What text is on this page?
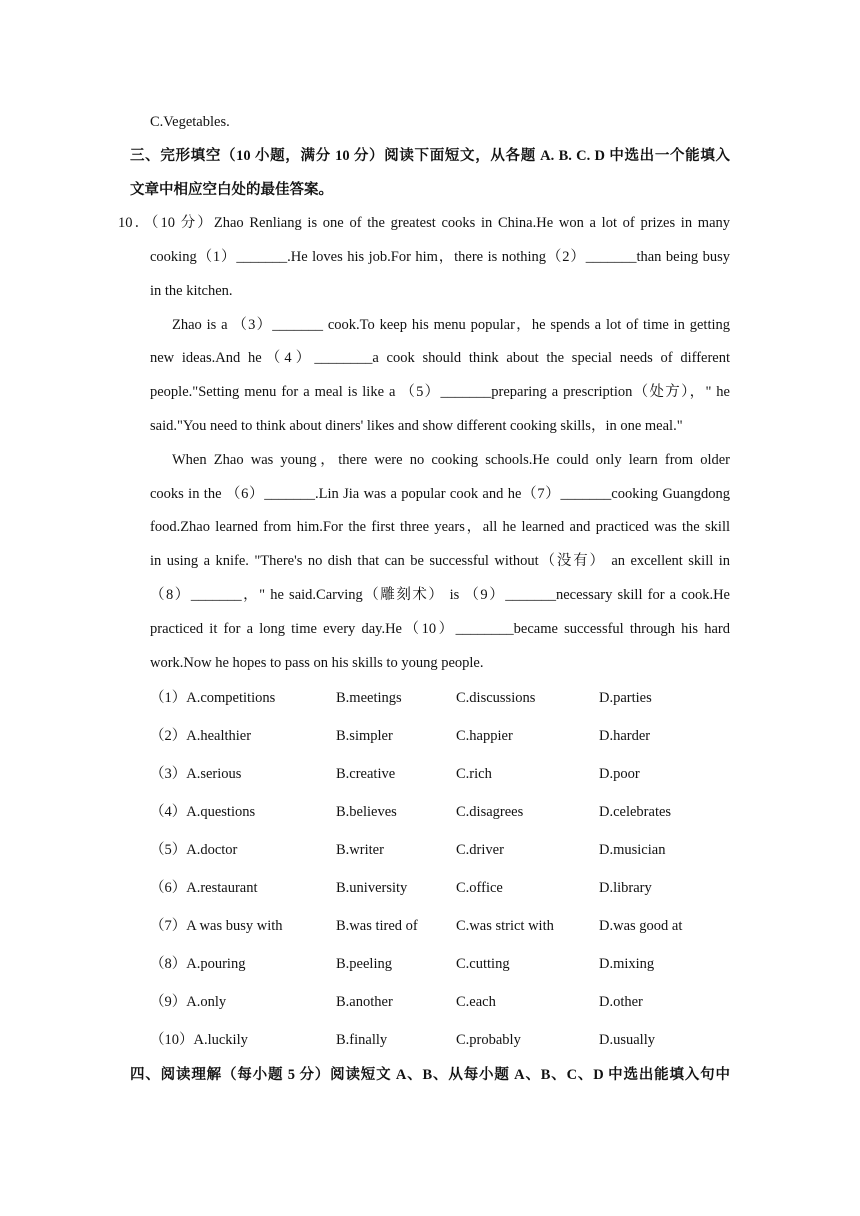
C.Vegetables.
三、完形填空（10 小题，满分 10 分）阅读下面短文，从各题 A. B. C. D 中选出一个能填入
文章中相应空白处的最佳答案。
10．（10 分）Zhao Renliang is one of the greatest cooks in China.He won a lot of prizes in many
cooking（1）_______.He loves his job.For him，there is nothing（2）_______than being busy
in the kitchen.
Zhao is a （3）_______ cook.To keep his menu popular，he spends a lot of time in getting
new ideas.And he（4）________a cook should think about the special needs of different
people."Setting menu for a meal is like a （5）_______preparing a prescription（处方），" he
said."You need to think about diners' likes and show different cooking skills，in one meal."
When Zhao was young，there were no cooking schools.He could only learn from older
cooks in the （6）_______.Lin Jia was a popular cook and he（7）_______cooking Guangdong
food.Zhao learned from him.For the first three years，all he learned and practiced was the skill
in using a knife. "There's no dish that can be successful without（没有） an excellent skill in
（8）_______，" he said.Carving（雕刻术） is （9）_______necessary skill for a cook.He
practiced it for a long time every day.He（10）________became successful through his hard
work.Now he hopes to pass on his skills to young people.
（1）A.competitions	B.meetings	C.discussions	D.parties
（2）A.healthier	B.simpler	C.happier	D.harder
（3）A.serious	B.creative	C.rich	D.poor
（4）A.questions	B.believes	C.disagrees	D.celebrates
（5）A.doctor	B.writer	C.driver	D.musician
（6）A.restaurant	B.university	C.office	D.library
（7）A was busy with	B.was tired of	C.was strict with	D.was good at
（8）A.pouring	B.peeling	C.cutting	D.mixing
（9）A.only	B.another	C.each	D.other
（10）A.luckily	B.finally	C.probably	D.usually
四、阅读理解（每小题 5 分）阅读短文 A、B、从每小题 A、B、C、D 中选出能填入句中
